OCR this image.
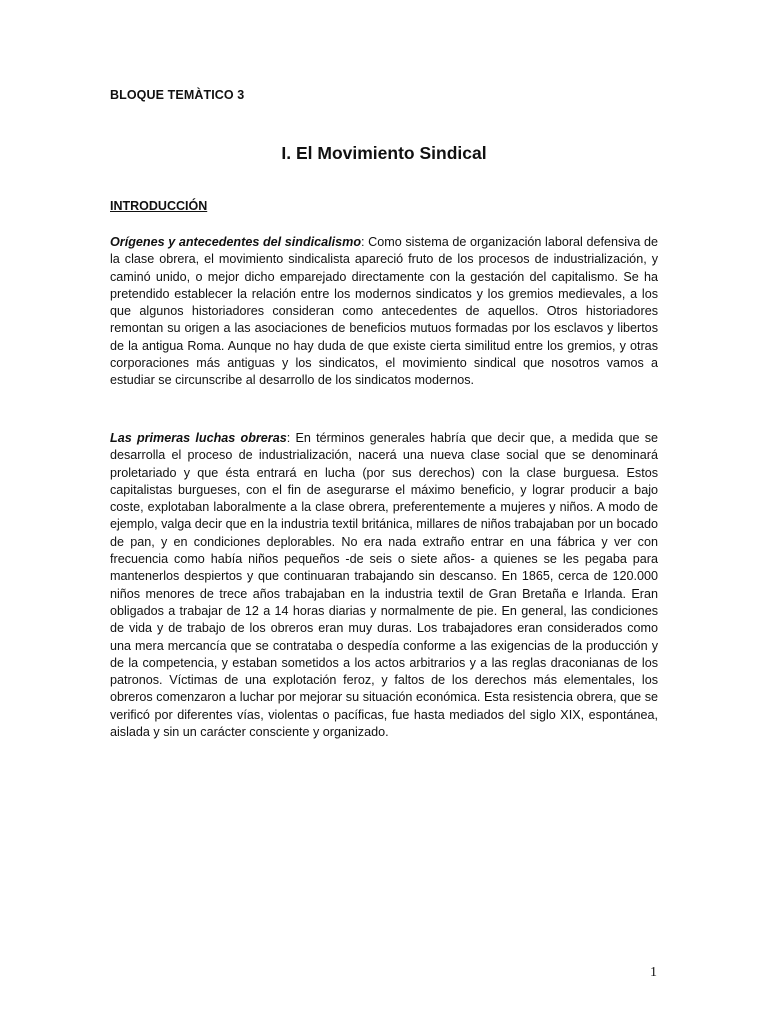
BLOQUE TEMÀTICO 3
I. El Movimiento Sindical
INTRODUCCIÓN

Orígenes y antecedentes del sindicalismo: Como sistema de organización laboral defensiva de la clase obrera, el movimiento sindicalista apareció fruto de los procesos de industrialización, y caminó unido, o mejor dicho emparejado directamente con la gestación del capitalismo. Se ha pretendido establecer la relación entre los modernos sindicatos y los gremios medievales, a los que algunos historiadores consideran como antecedentes de aquellos. Otros historiadores remontan su origen a las asociaciones de beneficios mutuos formadas por los esclavos y libertos de la antigua Roma. Aunque no hay duda de que existe cierta similitud entre los gremios, y otras corporaciones más antiguas y los sindicatos, el movimiento sindical que nosotros vamos a estudiar se circunscribe al desarrollo de los sindicatos modernos.

Las primeras luchas obreras: En términos generales habría que decir que, a medida que se desarrolla el proceso de industrialización, nacerá una nueva clase social que se denominará proletariado y que ésta entrará en lucha (por sus derechos) con la clase burguesa. Estos capitalistas burgueses, con el fin de asegurarse el máximo beneficio, y lograr producir a bajo coste, explotaban laboralmente a la clase obrera, preferentemente a mujeres y niños. A modo de ejemplo, valga decir que en la industria textil británica, millares de niños trabajaban por un bocado de pan, y en condiciones deplorables. No era nada extraño entrar en una fábrica y ver con frecuencia como había niños pequeños -de seis o siete años- a quienes se les pegaba para mantenerlos despiertos y que continuaran trabajando sin descanso. En 1865, cerca de 120.000 niños menores de trece años trabajaban en la industria textil de Gran Bretaña e Irlanda. Eran obligados a trabajar de 12 a 14 horas diarias y normalmente de pie. En general, las condiciones de vida y de trabajo de los obreros eran muy duras. Los trabajadores eran considerados como una mera mercancía que se contrataba o despedía conforme a las exigencias de la producción y de la competencia, y estaban sometidos a los actos arbitrarios y a las reglas draconianas de los patronos. Víctimas de una explotación feroz, y faltos de los derechos más elementales, los obreros comenzaron a luchar por mejorar su situación económica. Esta resistencia obrera, que se verificó por diferentes vías, violentas o pacíficas, fue hasta mediados del siglo XIX, espontánea, aislada y sin un carácter consciente y organizado.

1
